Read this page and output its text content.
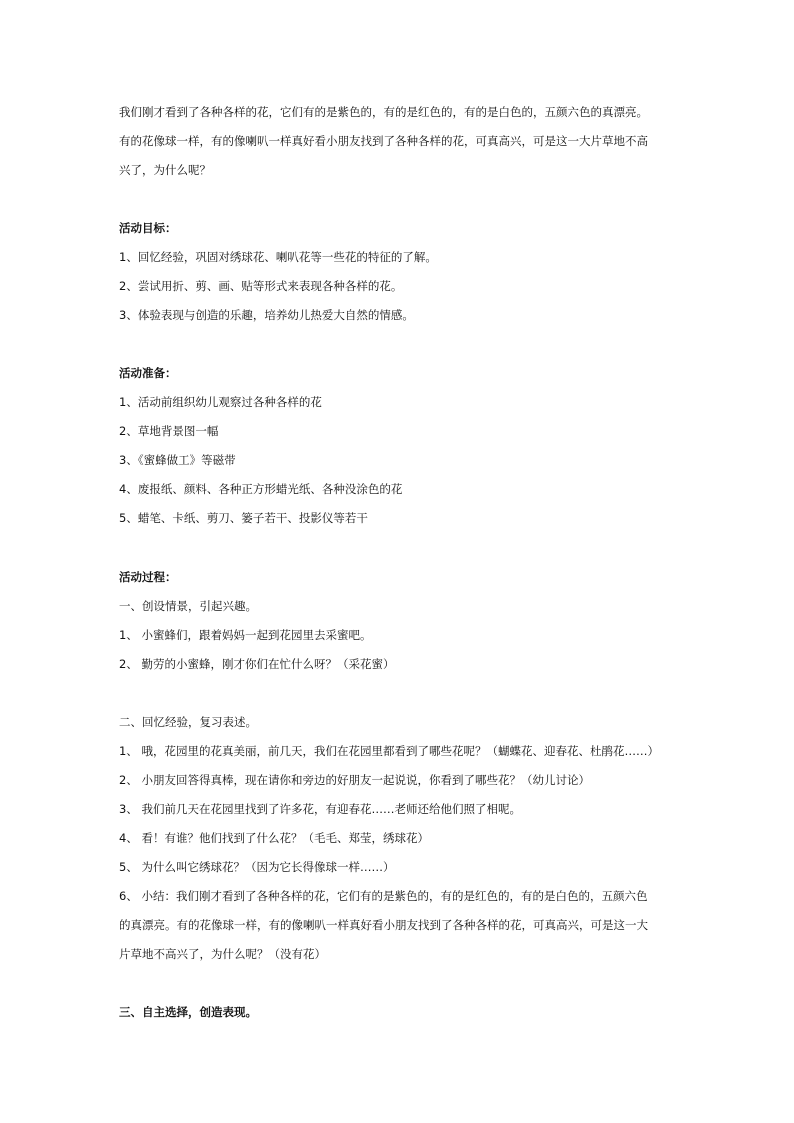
我们刚才看到了各种各样的花，它们有的是紫色的，有的是红色的，有的是白色的，五颜六色的真漂亮。
有的花像球一样，有的像喇叭一样真好看小朋友找到了各种各样的花，可真高兴，可是这一大片草地不高
兴了，为什么呢？
活动目标：
1、回忆经验，巩固对绣球花、喇叭花等一些花的特征的了解。
2、尝试用折、剪、画、贴等形式来表现各种各样的花。
3、体验表现与创造的乐趣，培养幼儿热爱大自然的情感。
活动准备：
1、活动前组织幼儿观察过各种各样的花
2、草地背景图一幅
3、《蜜蜂做工》等磁带
4、废报纸、颜料、各种正方形蜡光纸、各种没涂色的花
5、蜡笔、卡纸、剪刀、篓子若干、投影仪等若干
活动过程：
一、创设情景，引起兴趣。
1、 小蜜蜂们，跟着妈妈一起到花园里去采蜜吧。
2、 勤劳的小蜜蜂，刚才你们在忙什么呀？（采花蜜）
二、回忆经验，复习表述。
1、 哦，花园里的花真美丽，前几天，我们在花园里都看到了哪些花呢？（蝴蝶花、迎春花、杜鹃花……）
2、 小朋友回答得真棒，现在请你和旁边的好朋友一起说说，你看到了哪些花？（幼儿讨论）
3、 我们前几天在花园里找到了许多花，有迎春花……老师还给他们照了相呢。
4、 看！有谁？他们找到了什么花？（毛毛、郑莹，绣球花）
5、 为什么叫它绣球花？（因为它长得像球一样……）
6、 小结：我们刚才看到了各种各样的花，它们有的是紫色的，有的是红色的，有的是白色的，五颜六色
的真漂亮。有的花像球一样，有的像喇叭一样真好看小朋友找到了各种各样的花，可真高兴，可是这一大
片草地不高兴了，为什么呢？（没有花）
三、自主选择，创造表现。
